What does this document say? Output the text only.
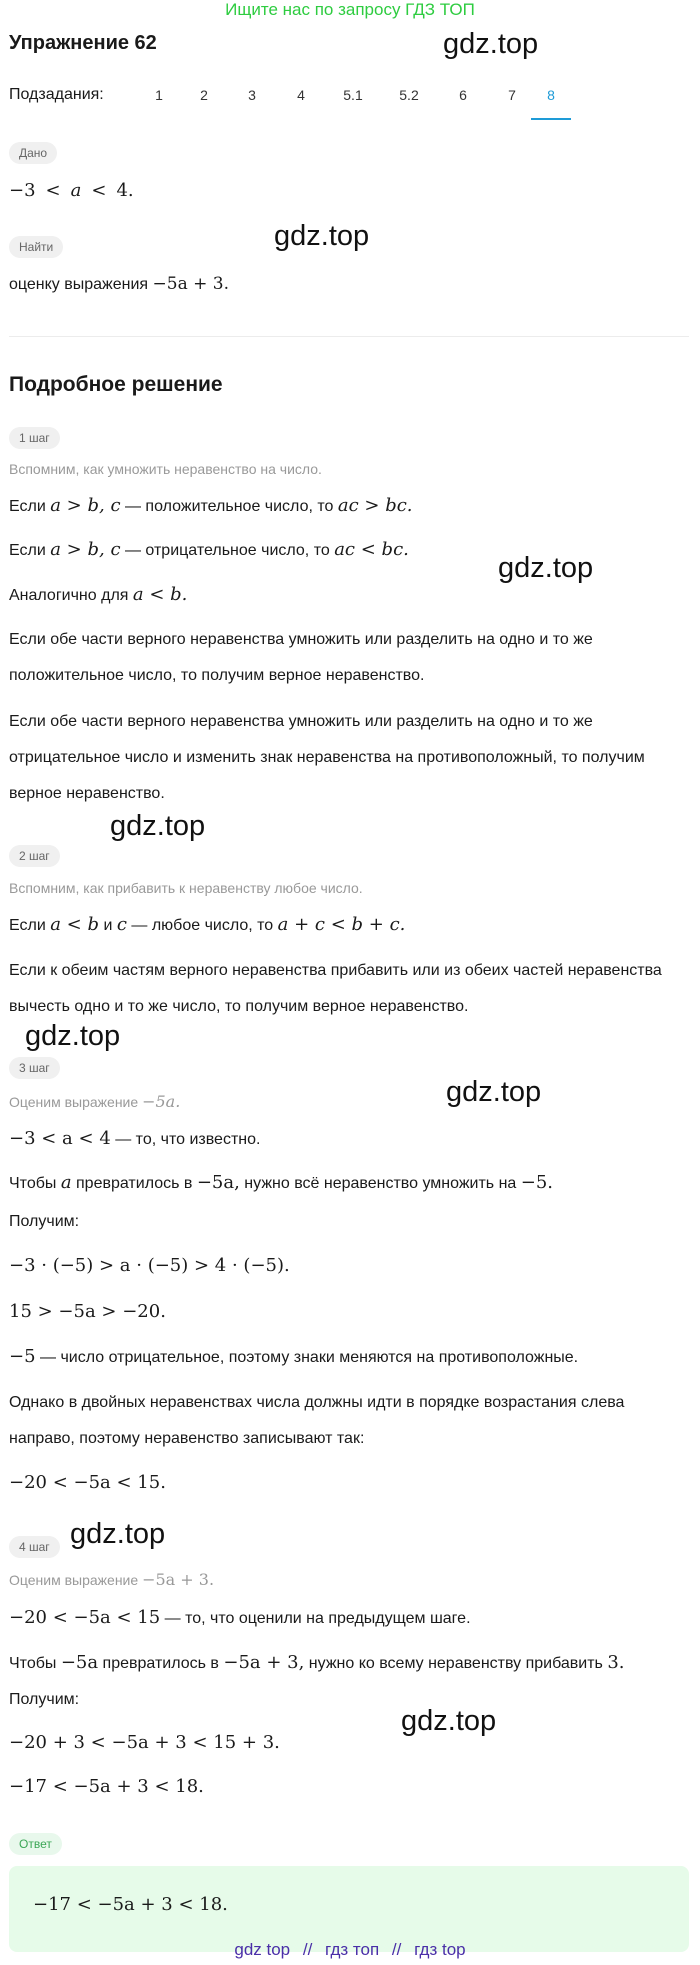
Ищите нас по запросу ГДЗ ТОП
Упражнение 62	gdz.top
gdz.top
gdz.top
gdz.top
gdz.top
gdz.top
gdz.top
gdz.top
Подзадания:	1	2	3	4	5.1	5.2	6	7	8
Дано
−3 < a < 4.
Найти
оценку выражения −5a + 3.
Подробное решение
1 шаг
Вспомним, как умножить неравенство на число.
Если a > b, c — положительное число, то ac > bc.
Если a > b, c — отрицательное число, то ac < bc.
Аналогично для a < b.
Если обе части верного неравенства умножить или разделить на одно и то же положительное число, то получим верное неравенство.
Если обе части верного неравенства умножить или разделить на одно и то же отрицательное число и изменить знак неравенства на противоположный, то получим верное неравенство.
2 шаг
Вспомним, как прибавить к неравенству любое число.
Если a < b и c — любое число, то a + c < b + c.
Если к обеим частям верного неравенства прибавить или из обеих частей неравенства вычесть одно и то же число, то получим верное неравенство.
3 шаг
Оценим выражение −5a.
−3 < a < 4 — то, что известно.
Чтобы a превратилось в −5a, нужно всё неравенство умножить на −5.
Получим:
−3 · (−5) > a · (−5) > 4 · (−5).
15 > −5a > −20.
−5 — число отрицательное, поэтому знаки меняются на противоположные.
Однако в двойных неравенствах числа должны идти в порядке возрастания слева направо, поэтому неравенство записывают так:
−20 < −5a < 15.
4 шаг
Оценим выражение −5a + 3.
−20 < −5a < 15 — то, что оценили на предыдущем шаге.
Чтобы −5a превратилось в −5a + 3, нужно ко всему неравенству прибавить 3. Получим:
−20 + 3 < −5a + 3 < 15 + 3.
−17 < −5a + 3 < 18.
Ответ
−17 < −5a + 3 < 18.
gdz top // гдз топ // гдз top
